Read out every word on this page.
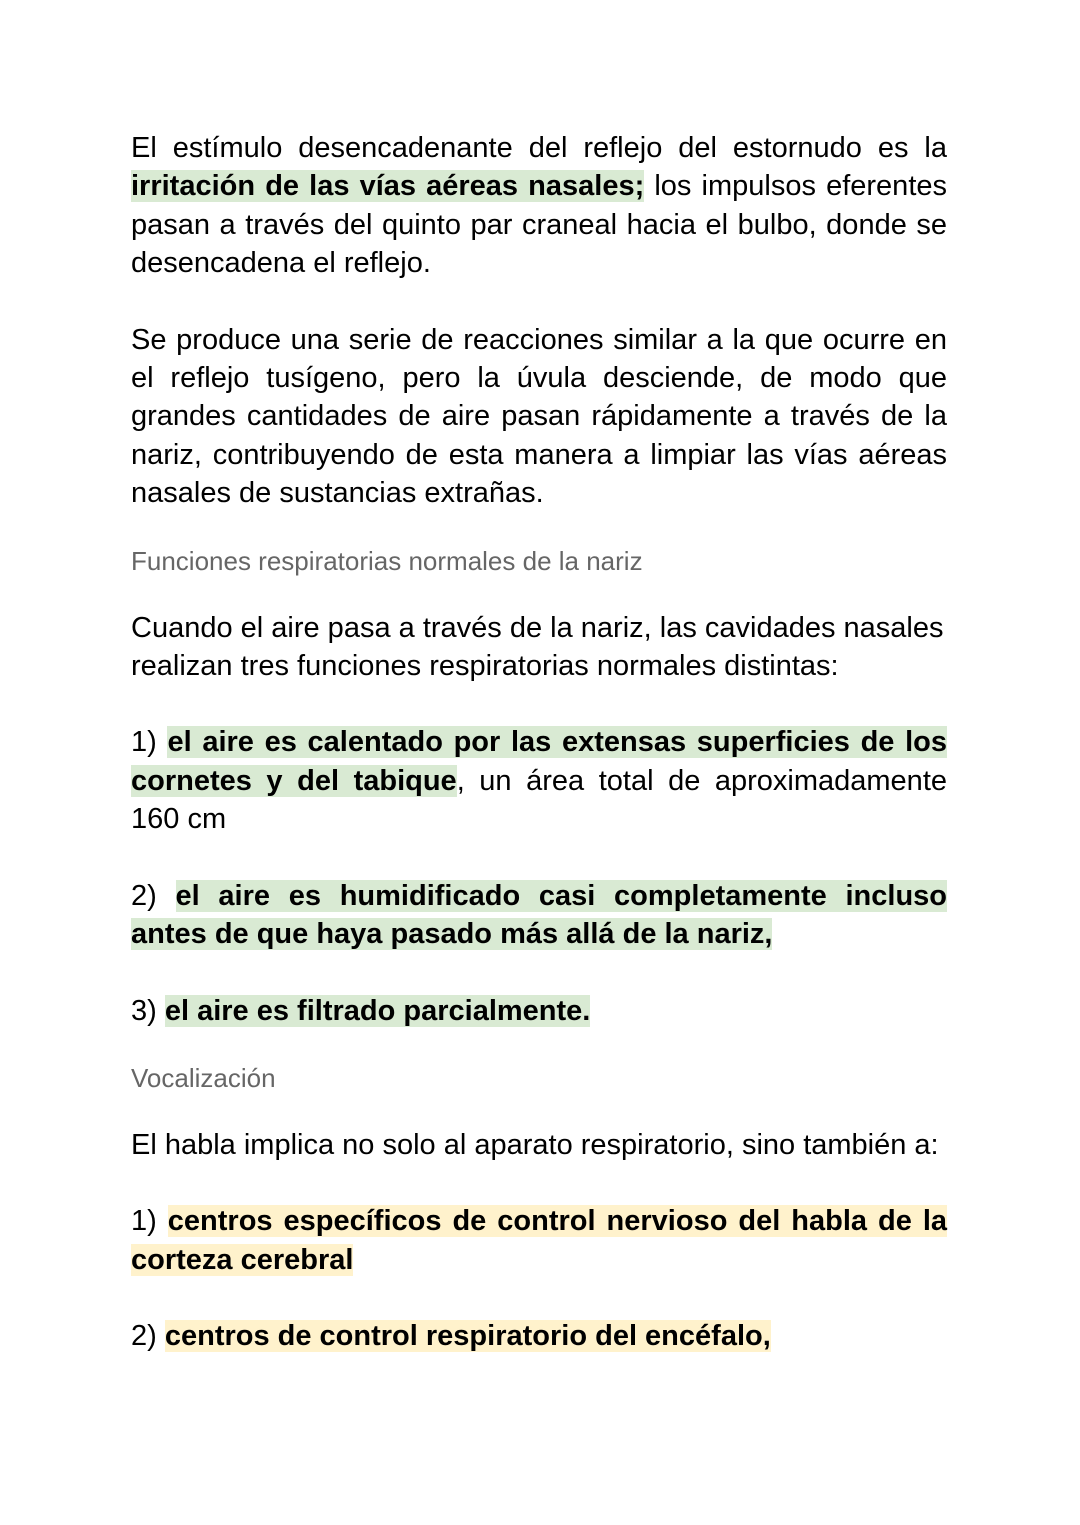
El estímulo desencadenante del reflejo del estornudo es la irritación de las vías aéreas nasales; los impulsos eferentes pasan a través del quinto par craneal hacia el bulbo, donde se desencadena el reflejo.

Se produce una serie de reacciones similar a la que ocurre en el reflejo tusígeno, pero la úvula desciende, de modo que grandes cantidades de aire pasan rápidamente a través de la nariz, contribuyendo de esta manera a limpiar las vías aéreas nasales de sustancias extrañas.

Funciones respiratorias normales de la nariz

Cuando el aire pasa a través de la nariz, las cavidades nasales realizan tres funciones respiratorias normales distintas:

1) el aire es calentado por las extensas superficies de los cornetes y del tabique, un área total de aproximadamente 160 cm

2) el aire es humidificado casi completamente incluso antes de que haya pasado más allá de la nariz,

3) el aire es filtrado parcialmente.

Vocalización

El habla implica no solo al aparato respiratorio, sino también a:

1) centros específicos de control nervioso del habla de la corteza cerebral

2) centros de control respiratorio del encéfalo,
